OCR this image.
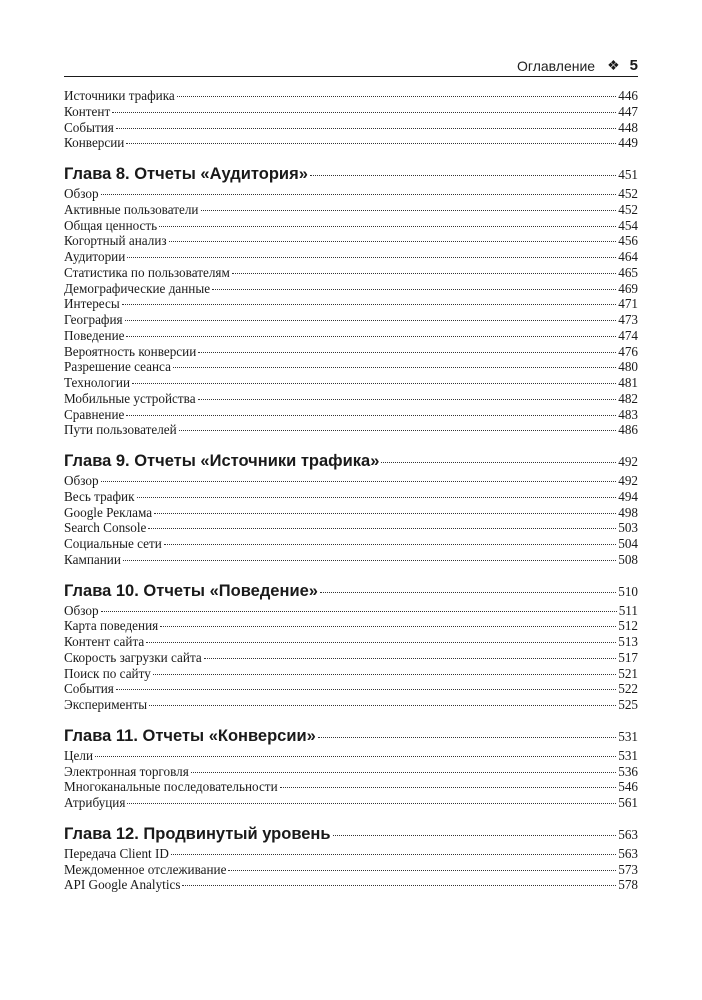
Оглавление ❖ 5
Источники трафика	446
Контент	447
События	448
Конверсии	449
Глава 8. Отчеты «Аудитория»	451
Обзор	452
Активные пользователи	452
Общая ценность	454
Когортный анализ	456
Аудитории	464
Статистика по пользователям	465
Демографические данные	469
Интересы	471
География	473
Поведение	474
Вероятность конверсии	476
Разрешение сеанса	480
Технологии	481
Мобильные устройства	482
Сравнение	483
Пути пользователей	486
Глава 9. Отчеты «Источники трафика»	492
Обзор	492
Весь трафик	494
Google Реклама	498
Search Console	503
Социальные сети	504
Кампании	508
Глава 10. Отчеты «Поведение»	510
Обзор	511
Карта поведения	512
Контент сайта	513
Скорость загрузки сайта	517
Поиск по сайту	521
События	522
Эксперименты	525
Глава 11. Отчеты «Конверсии»	531
Цели	531
Электронная торговля	536
Многоканальные последовательности	546
Атрибуция	561
Глава 12. Продвинутый уровень	563
Передача Client ID	563
Междоменное отслеживание	573
API Google Analytics	578
